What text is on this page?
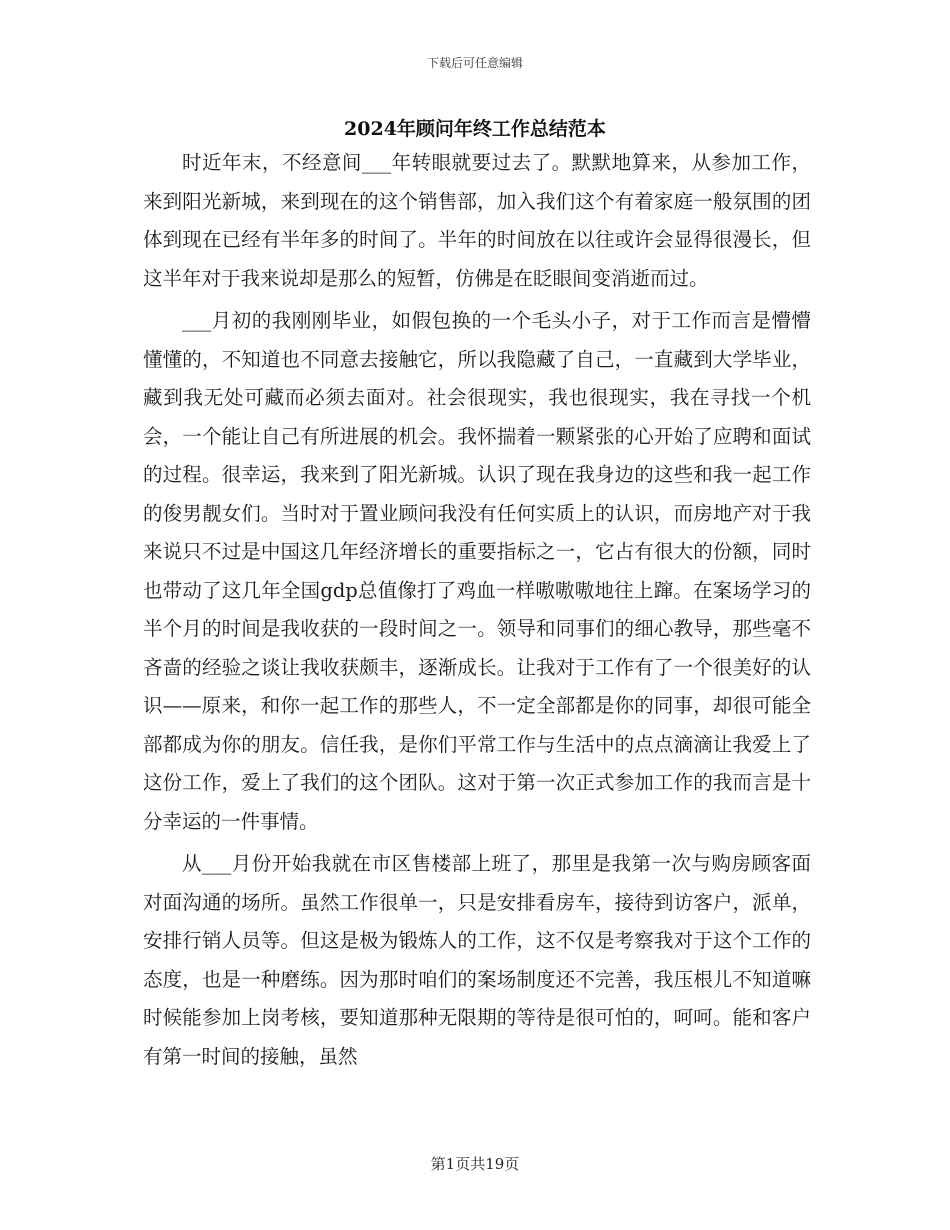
下载后可任意编辑
2024年顾问年终工作总结范本

时近年末，不经意间___年转眼就要过去了。默默地算来，从参加工作，来到阳光新城，来到现在的这个销售部，加入我们这个有着家庭一般氛围的团体到现在已经有半年多的时间了。半年的时间放在以往或许会显得很漫长，但这半年对于我来说却是那么的短暂，仿佛是在眨眼间变消逝而过。

___月初的我刚刚毕业，如假包换的一个毛头小子，对于工作而言是懵懵懂懂的，不知道也不同意去接触它，所以我隐藏了自己，一直藏到大学毕业，藏到我无处可藏而必须去面对。社会很现实，我也很现实，我在寻找一个机会，一个能让自己有所进展的机会。我怀揣着一颗紧张的心开始了应聘和面试的过程。很幸运，我来到了阳光新城。认识了现在我身边的这些和我一起工作的俊男靓女们。当时对于置业顾问我没有任何实质上的认识，而房地产对于我来说只不过是中国这几年经济增长的重要指标之一，它占有很大的份额，同时也带动了这几年全国gdp总值像打了鸡血一样嗷嗷嗷地往上蹿。在案场学习的半个月的时间是我收获的一段时间之一。领导和同事们的细心教导，那些毫不吝啬的经验之谈让我收获颇丰，逐渐成长。让我对于工作有了一个很美好的认识——原来，和你一起工作的那些人，不一定全部都是你的同事，却很可能全部都成为你的朋友。信任我，是你们平常工作与生活中的点点滴滴让我爱上了这份工作，爱上了我们的这个团队。这对于第一次正式参加工作的我而言是十分幸运的一件事情。

从___月份开始我就在市区售楼部上班了，那里是我第一次与购房顾客面对面沟通的场所。虽然工作很单一，只是安排看房车，接待到访客户，派单，安排行销人员等。但这是极为锻炼人的工作，这不仅是考察我对于这个工作的态度，也是一种磨练。因为那时咱们的案场制度还不完善，我压根儿不知道嘛时候能参加上岗考核，要知道那种无限期的等待是很可怕的，呵呵。能和客户有第一时间的接触，虽然

第1页共19页
